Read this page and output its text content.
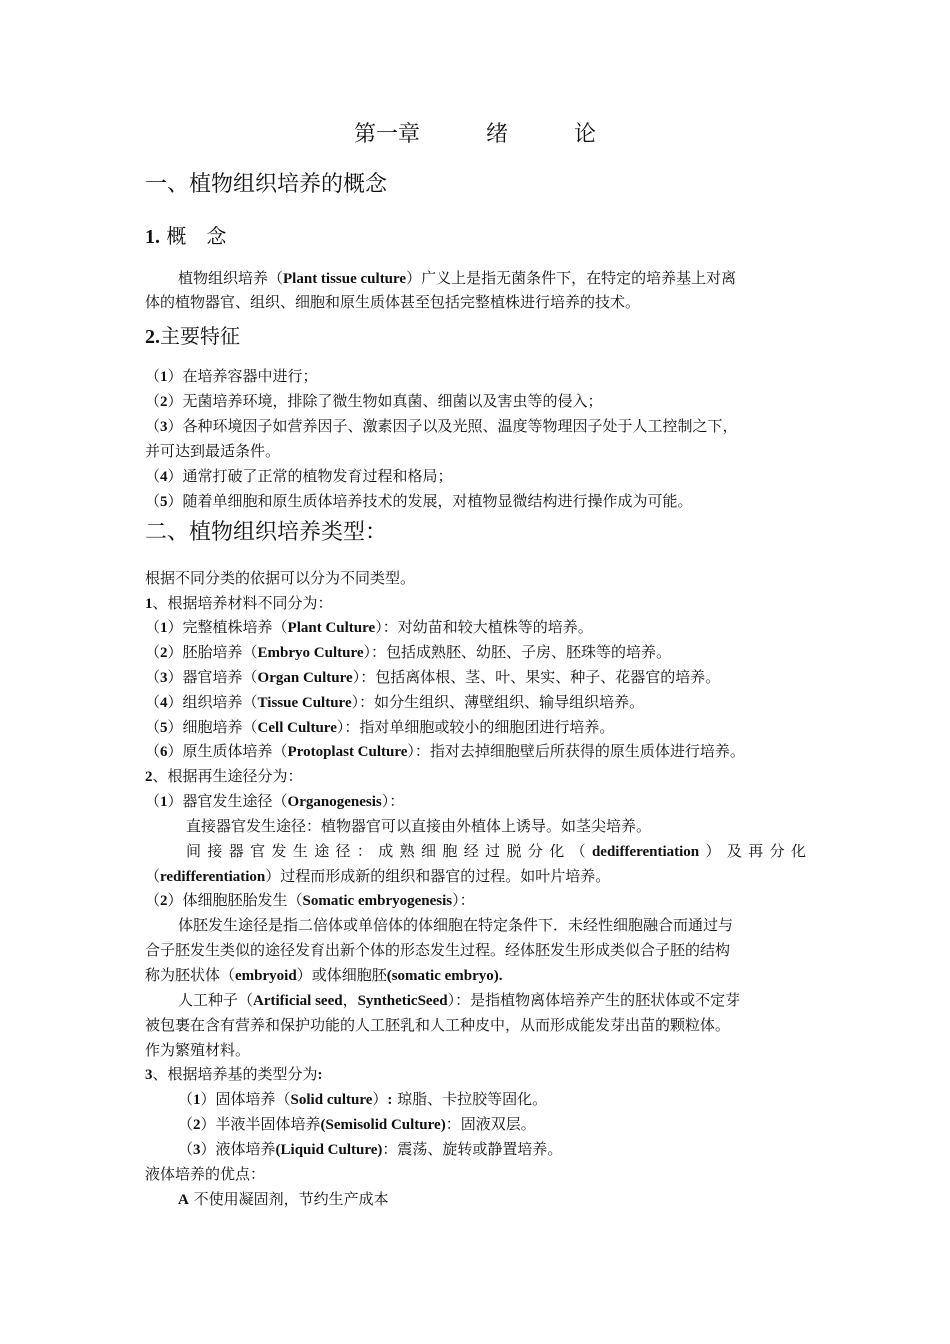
第一章	绪	论
一、植物组织培养的概念
1. 概　念
植物组织培养（Plant tissue culture）广义上是指无菌条件下，在特定的培养基上对离
体的植物器官、组织、细胞和原生质体甚至包括完整植株进行培养的技术。
2.主要特征
（1）在培养容器中进行；
（2）无菌培养环境，排除了微生物如真菌、细菌以及害虫等的侵入；
（3）各种环境因子如营养因子、激素因子以及光照、温度等物理因子处于人工控制之下，
并可达到最适条件。
（4）通常打破了正常的植物发育过程和格局；
（5）随着单细胞和原生质体培养技术的发展，对植物显微结构进行操作成为可能。
二、植物组织培养类型：
根据不同分类的依据可以分为不同类型。
1、根据培养材料不同分为：
（1）完整植株培养（Plant Culture）：对幼苗和较大植株等的培养。
（2）胚胎培养（Embryo Culture）：包括成熟胚、幼胚、子房、胚珠等的培养。
（3）器官培养（Organ Culture）：包括离体根、茎、叶、果实、种子、花器官的培养。
（4）组织培养（Tissue Culture）：如分生组织、薄壁组织、输导组织培养。
（5）细胞培养（Cell Culture）：指对单细胞或较小的细胞团进行培养。
（6）原生质体培养（Protoplast Culture）：指对去掉细胞壁后所获得的原生质体进行培养。
2、根据再生途径分为：
（1）器官发生途径（Organogenesis）：
直接器官发生途径：植物器官可以直接由外植体上诱导。如茎尖培养。
间接器官发生途径：成熟细胞经过脱分化（dedifferentiation）及再分化
（redifferentiation）过程而形成新的组织和器官的过程。如叶片培养。
（2）体细胞胚胎发生（Somatic embryogenesis）：
体胚发生途径是指二倍体或单倍体的体细胞在特定条件下．未经性细胞融合而通过与
合子胚发生类似的途径发育出新个体的形态发生过程。经体胚发生形成类似合子胚的结构
称为胚状体（embryoid）或体细胞胚(somatic embryo).
人工种子（Artificial seed，SyntheticSeed）：是指植物离体培养产生的胚状体或不定芽
被包裹在含有营养和保护功能的人工胚乳和人工种皮中，从而形成能发芽出苗的颗粒体。
作为繁殖材料。
3、根据培养基的类型分为:
（1）固体培养（Solid culture）: 琼脂、卡拉胶等固化。
（2）半液半固体培养(Semisolid Culture)：固液双层。
（3）液体培养(Liquid Culture)：震荡、旋转或静置培养。
液体培养的优点：
A 不使用凝固剂，节约生产成本
